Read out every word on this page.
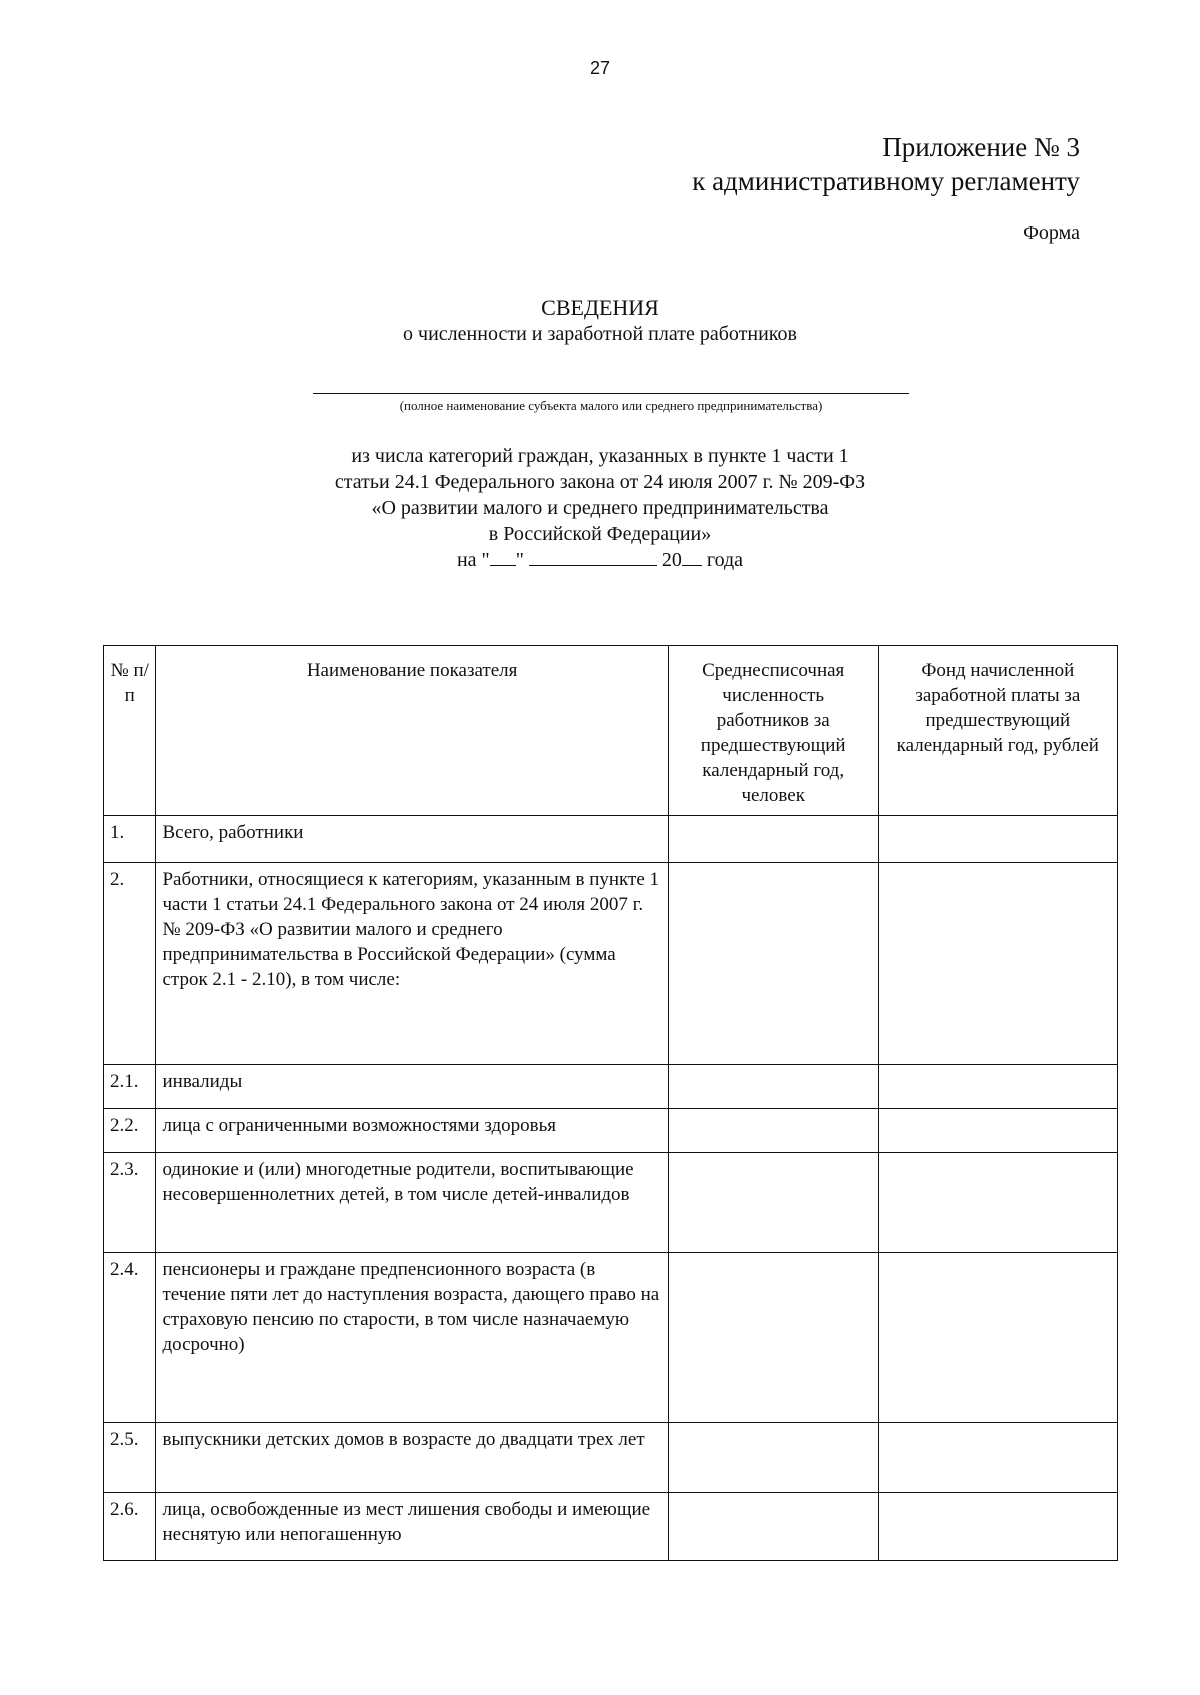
27
Приложение № 3
к административному регламенту
Форма
СВЕДЕНИЯ
о численности и заработной плате работников
(полное наименование субъекта малого или среднего предпринимательства)

из числа категорий граждан, указанных в пункте 1 части 1

статьи 24.1 Федерального закона от 24 июля 2007 г. № 209-ФЗ

«О развитии малого и среднего предпринимательства

в Российской Федерации»

на " "	20 года

№ п/п	Наименование показателя	Среднесписочная численность работников за предшествующий календарный год, человек	Фонд начисленной заработной платы за предшествующий календарный год, рублей
1.	Всего, работники		
2.	Работники, относящиеся к категориям, указанным в пункте 1 части 1 статьи 24.1 Федерального закона от 24 июля 2007 г. № 209-ФЗ «О развитии малого и среднего предпринимательства в Российской Федерации» (сумма строк 2.1 - 2.10), в том числе:		
2.1.	инвалиды		
2.2.	лица с ограниченными возможностями здоровья		
2.3.	одинокие и (или) многодетные родители, воспитывающие несовершеннолетних детей, в том числе детей-инвалидов		
2.4.	пенсионеры и граждане предпенсионного возраста (в течение пяти лет до наступления возраста, дающего право на страховую пенсию по старости, в том числе назначаемую досрочно)		
2.5.	выпускники детских домов в возрасте до двадцати трех лет		
2.6.	лица, освобожденные из мест лишения свободы и имеющие неснятую или непогашенную		
